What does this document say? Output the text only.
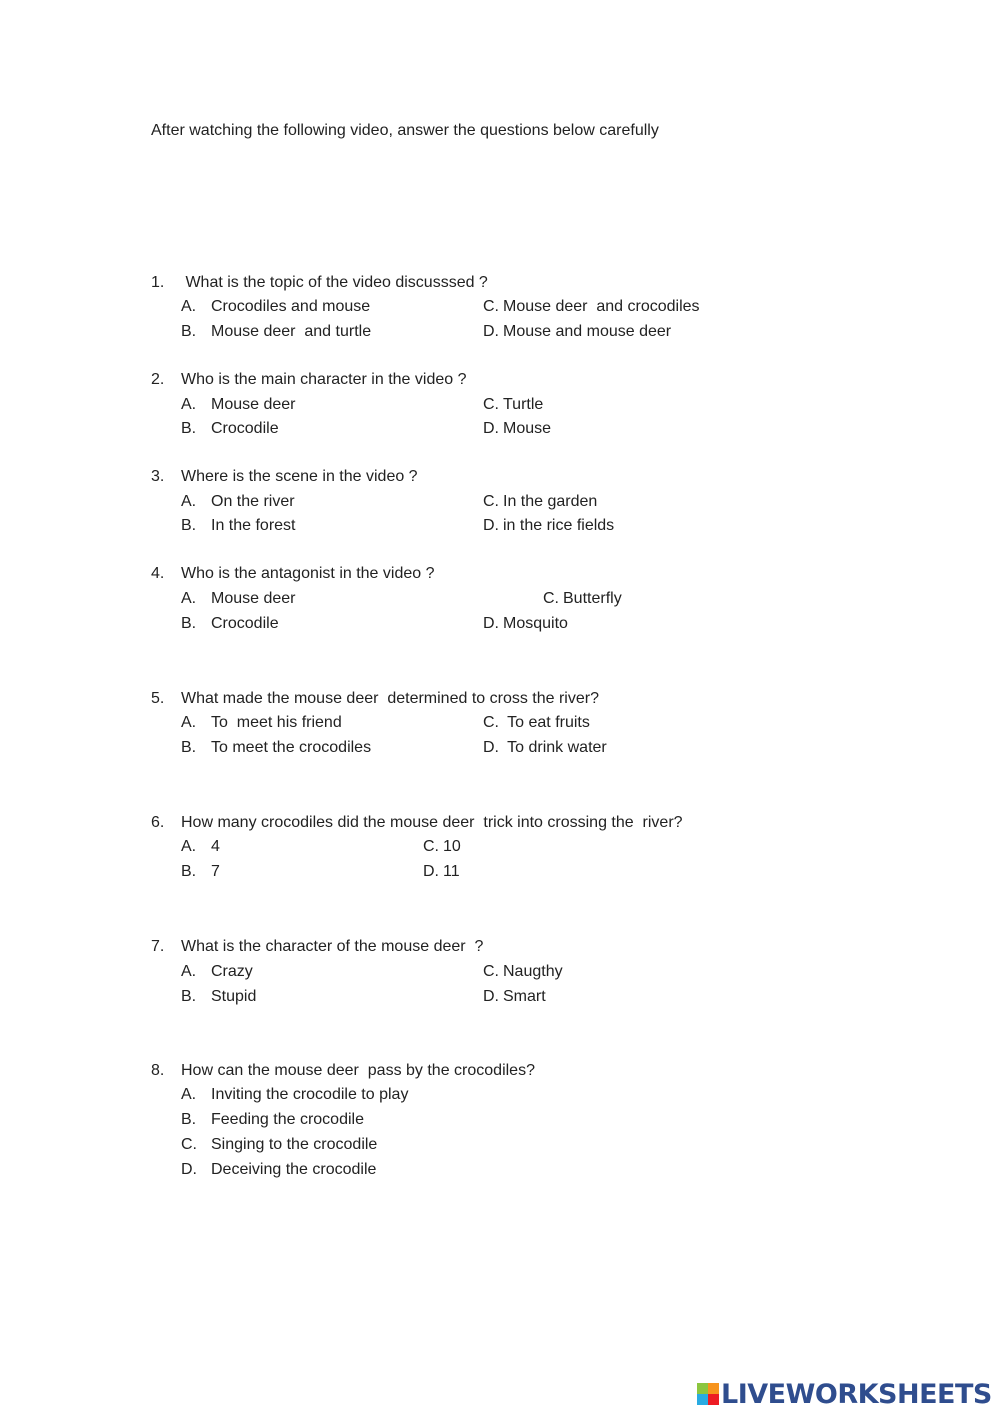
After watching the following video, answer the questions below carefully
1. What is the topic of the video discusssed ?
A. Crocodiles and mouse	C. Mouse deer  and crocodiles
B. Mouse deer  and turtle	D. Mouse and mouse deer
2. Who is the main character in the video ?
A. Mouse deer	C. Turtle
B. Crocodile	D. Mouse
3. Where is the scene in the video ?
A. On the river	C. In the garden
B. In the forest	D. in the rice fields
4. Who is the antagonist in the video ?
A. Mouse deer	C. Butterfly
B. Crocodile	D. Mosquito
5. What made the mouse deer  determined to cross the river?
A. To  meet his friend	C. To eat fruits
B. To meet the crocodiles	D. To drink water
6. How many crocodiles did the mouse deer  trick into crossing the  river?
A. 4	C. 10
B. 7	D. 11
7. What is the character of the mouse deer  ?
A. Crazy	C. Naugthy
B. Stupid	D. Smart
8. How can the mouse deer  pass by the crocodiles?
A. Inviting the crocodile to play
B. Feeding the crocodile
C. Singing to the crocodile
D. Deceiving the crocodile
LIVEWORKSHEETS
